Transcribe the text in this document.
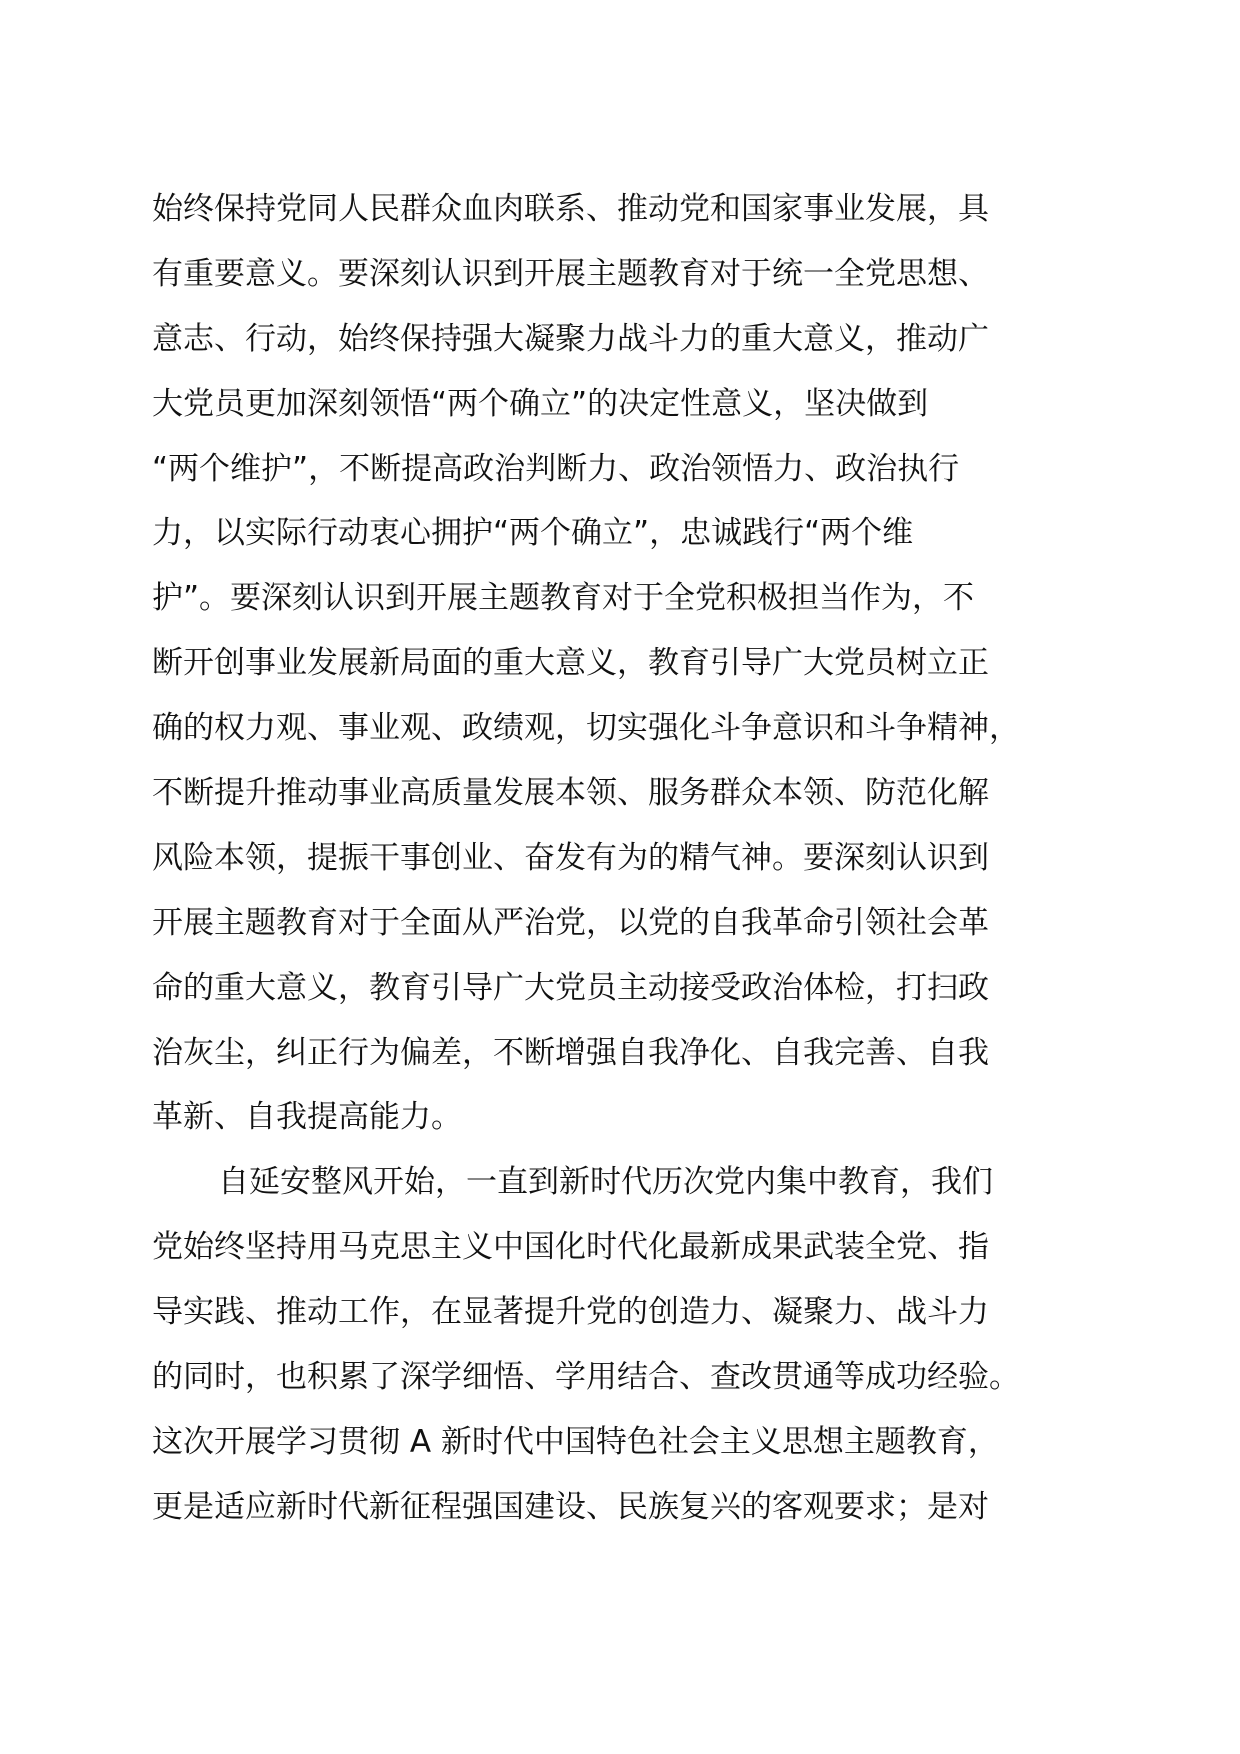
始终保持党同人民群众血肉联系、推动党和国家事业发展，具
有重要意义。要深刻认识到开展主题教育对于统一全党思想、
意志、行动，始终保持强大凝聚力战斗力的重大意义，推动广
大党员更加深刻领悟“两个确立”的决定性意义，坚决做到
“两个维护”，不断提高政治判断力、政治领悟力、政治执行
力，以实际行动衷心拥护“两个确立”，忠诚践行“两个维
护”。要深刻认识到开展主题教育对于全党积极担当作为，不
断开创事业发展新局面的重大意义，教育引导广大党员树立正
确的权力观、事业观、政绩观，切实强化斗争意识和斗争精神，
不断提升推动事业高质量发展本领、服务群众本领、防范化解
风险本领，提振干事创业、奋发有为的精气神。要深刻认识到
开展主题教育对于全面从严治党，以党的自我革命引领社会革
命的重大意义，教育引导广大党员主动接受政治体检，打扫政
治灰尘，纠正行为偏差，不断增强自我净化、自我完善、自我
革新、自我提高能力。
自延安整风开始，一直到新时代历次党内集中教育，我们
党始终坚持用马克思主义中国化时代化最新成果武装全党、指
导实践、推动工作，在显著提升党的创造力、凝聚力、战斗力
的同时，也积累了深学细悟、学用结合、查改贯通等成功经验。
这次开展学习贯彻 A 新时代中国特色社会主义思想主题教育，
更是适应新时代新征程强国建设、民族复兴的客观要求；是对
